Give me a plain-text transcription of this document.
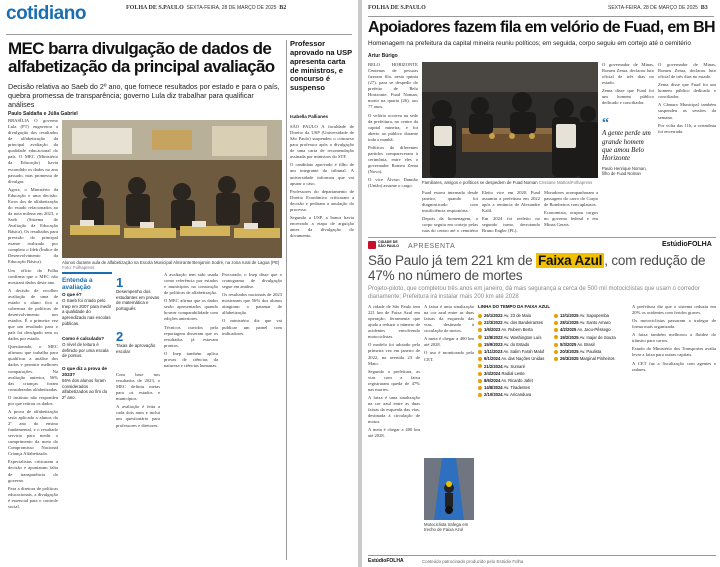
cotidiano	FOLHA DE S.PAULO SEXTA-FEIRA, 28 DE MARÇO DE 2025 B2
MEC barra divulgação de dados de alfabetização da principal avaliação
Decisão relativa ao Saeb do 2º ano, que fornece resultados por estado e para o país, quebra promessa de transparência; governo Lula diz trabalhar para qualificar análises
Paulo Saldaña e Júlia Gabriel

BRASÍLIA O governo Lula (PT) engavetou a divulgação dos resultados de alfabetização da principal avaliação da qualidade educacional do país. O MEC (Ministério da Educação) havia escondido os dados no ano passado, mas promessa de divulgar.

Agora, o Ministério da Educação e uma decisão. Erros dos de alfabetização do estado relacionados ao da nota milena em 2023, o Saeb (Sistema de Avaliação da Educação Básica). Os resultados para previsão do principal exame realizado por completo o Ideb (Índice de Desenvolvimento da Educação Básica).

Um ofício da Folha confirma que o MEC não mostrará dados deste ano.

A decisão de recolher avaliação de uma de estado o aluno fica a cobertura de políticas de desenvolvimento nos estados. É a primeira vez que um resultado para o país foi divulgado sem os dados por estado.

Questionado, o MEC afirmou que trabalha para qualificar a análise dos dados e permitir melhores comparações. Na avaliação anterior, 56% das crianças foram consideradas alfabetizadas.

O instituto não respondeu por que retirou os dados.

A prova de alfabetização seria aplicada a alunos do 2º ano do ensino fundamental, e o resultado serviria para medir o cumprimento da meta do Compromisso Nacional Criança Alfabetizada.

Especialistas criticaram a decisão e apontaram falta de transparência do governo.

Para a diretora de políticas educacionais, a divulgação é essencial para o controle social.

Alunos durante aula de alfabetização na Escola Municipal Almirante Benjamin Sodré, na zona rural de Lagoa (PE) Foto: Folhapress
Entenda a avaliação
O que é?
O Saeb foi criado pelo Inep em 2007 para medir a qualidade do aprendizado nas escolas públicas.
Como é calculado?
O nível de leitura é definido por uma escala de pontos.
O que diz a prova de 2023?
56% dos alunos foram considerados alfabetizados ao fim do 2º ano.
1
Desempenho dos estudantes em provas de matemática e português
2
Taxas de aprovação escolar

Com base nos resultados de 2023, o MEC definiu metas para os estados e municípios.

A avaliação é feita a cada dois anos e inclui um questionário para professores e diretores.

A avaliação tem sido usada como referência por estados e municípios na construção de políticas de alfabetização.

O MEC afirma que os dados serão apresentados quando houver comparabilidade com edições anteriores.

Técnicos ouvidos pela reportagem disseram que os resultados já estavam prontos.

O Inep também aplica provas de ciências da natureza e ciências humanas.

Procurado, o Inep disse que o cronograma de divulgação segue em análise.

Os resultados nacionais de 2023 mostraram que 56% dos alunos atingiram o patamar de alfabetização.

O ministério diz que vai publicar um painel com indicadores.

Professor aprovado na USP apresenta carta de ministros, e concurso é suspenso
Isabella Pallianes

SÃO PAULO A faculdade de Direito da USP (Universidade de São Paulo) suspendeu o concurso para professor após a divulgação de uma carta de recomendação assinada por ministros do STF.

O candidato aprovado é filho de um integrante do tribunal. A universidade informou que vai apurar o caso.

Professores do departamento de Direito Econômico criticaram a decisão e pediram a anulação do processo.

Segundo a USP, a banca havia encerrado a etapa de arguição antes da divulgação do documento.

FOLHA DE S.PAULO	SEXTA-FEIRA, 28 DE MARÇO DE 2025 B3
Apoiadores fazem fila em velório de Fuad, em BH
Homenagem na prefeitura da capital mineira reuniu políticos; em seguida, corpo seguiu em cortejo até o cemitério
Artur Búrigo

BELO HORIZONTE Centenas de pessoas fizeram fila, nesta quinta (27), para se despedir do prefeito de Belo Horizonte, Fuad Noman, morto na quarta (26), aos 77 anos.

O velório ocorreu na sede da prefeitura, no centro da capital mineira, e foi aberto ao público durante toda a manhã.

Políticos de diferentes partidos compareceram à cerimônia, entre eles o governador Romeu Zema (Novo).

O vice Álvaro Damião (União) assume o cargo.

Familiares, amigos e políticos se despedem de Fuad Noman Cristiane Mattos/Folhapress

Fuad estava internado desde janeiro, quando foi diagnosticado com insuficiência respiratória.

Depois da homenagem, o corpo seguiu em cortejo pelas ruas do centro até o cemitério

Eleito vice em 2020, Fuad assumiu a prefeitura em 2022 após a renúncia de Alexandre Kalil.

Em 2024 foi reeleito no segundo turno, derrotando Bruno Engler (PL).

Moradores acompanharam a passagem do carro do Corpo de Bombeiros com aplausos.

Economista, ocupou cargos no governo federal e em Minas Gerais.

“
A gente perde um grande homem que amou Belo Horizonte
Paulo Henrique Noman, filho de Fuad Noman

O governador de Minas, Romeu Zema, declarou luto oficial de três dias no estado.

Zema disse que Fuad foi um homem público dedicado e conciliador.

O governador de Minas, Romeu Zema, declarou luto oficial de três dias no estado.

Zema disse que Fuad foi um homem público dedicado e conciliador.

A Câmara Municipal também suspendeu as sessões da semana.

Por volta das 11h, a cerimônia foi encerrada.

CIDADE DE SÃO PAULO	APRESENTA	EstúdioFOLHA
São Paulo já tem 221 km de Faixa Azul , com redução de 47% no número de mortes
Projeto-piloto, que completou três anos em janeiro, dá mais segurança a cerca de 500 mil motociclistas que usam o corredor diariamente; Prefeitura irá instalar mais 200 km até 2028

A cidade de São Paulo tem 221 km de Faixa Azul em operação, ferramenta que ajuda a reduzir o número de acidentes envolvendo motociclistas.

O modelo foi adotado pela primeira vez em janeiro de 2022, na avenida 23 de Maio.

Segundo a prefeitura, as vias com a faixa registraram queda de 47% nas mortes.

A faixa é uma sinalização na cor azul entre as duas faixas da esquerda das vias, destinada à circulação de motos.

A meta é chegar a 400 km até 2028.

A faixa é uma sinalização na cor azul entre as duas faixas da esquerda das vias, destinada à circulação de motos.

A meta é chegar a 400 km até 2028.

O uso é monitorado pela CET.

Motociclista trafega em trecho de Faixa Azul
LINHA DO TEMPO DA FAIXA AZUL
26/1/2022 Av. 23 de Maio
22/3/2022 Av. dos Bandeirantes
1/6/2023 Av. Rubem Berta
12/8/2023 Av. Washington Luís
15/9/2023 Av. do Estado
1/11/2023 Av. Salim Farah Maluf
6/1/2024 Av. das Nações Unidas
21/2/2024 Av. Sumaré
3/4/2024 Radial Leste
8/6/2024 Av. Ricardo Jafet
14/8/2024 Av. Tiradentes
2/10/2024 Av. Aricanduva
12/1/2025 Av. Sapopemba
28/1/2025 Av. Santo Amaro
4/2/2025 Av. Jacu-Pêssego
19/2/2025 Av. Inajar de Souza
5/3/2025 Av. Brasil
20/3/2025 Av. Paulista
26/3/2025 Marginal Pinheiros

A prefeitura diz que o sistema reduziu em 20% os acidentes com feridos graves.

Os motociclistas passaram a trafegar de forma mais organizada.

A faixa também melhorou a fluidez do trânsito para carros.

Estudo do Ministério dos Transportes avalia levar a faixa para outras capitais.

A CET faz a fiscalização com agentes e radares.

EstúdioFOLHA	Conteúdo patrocinado produzido pelo Estúdio Folha
